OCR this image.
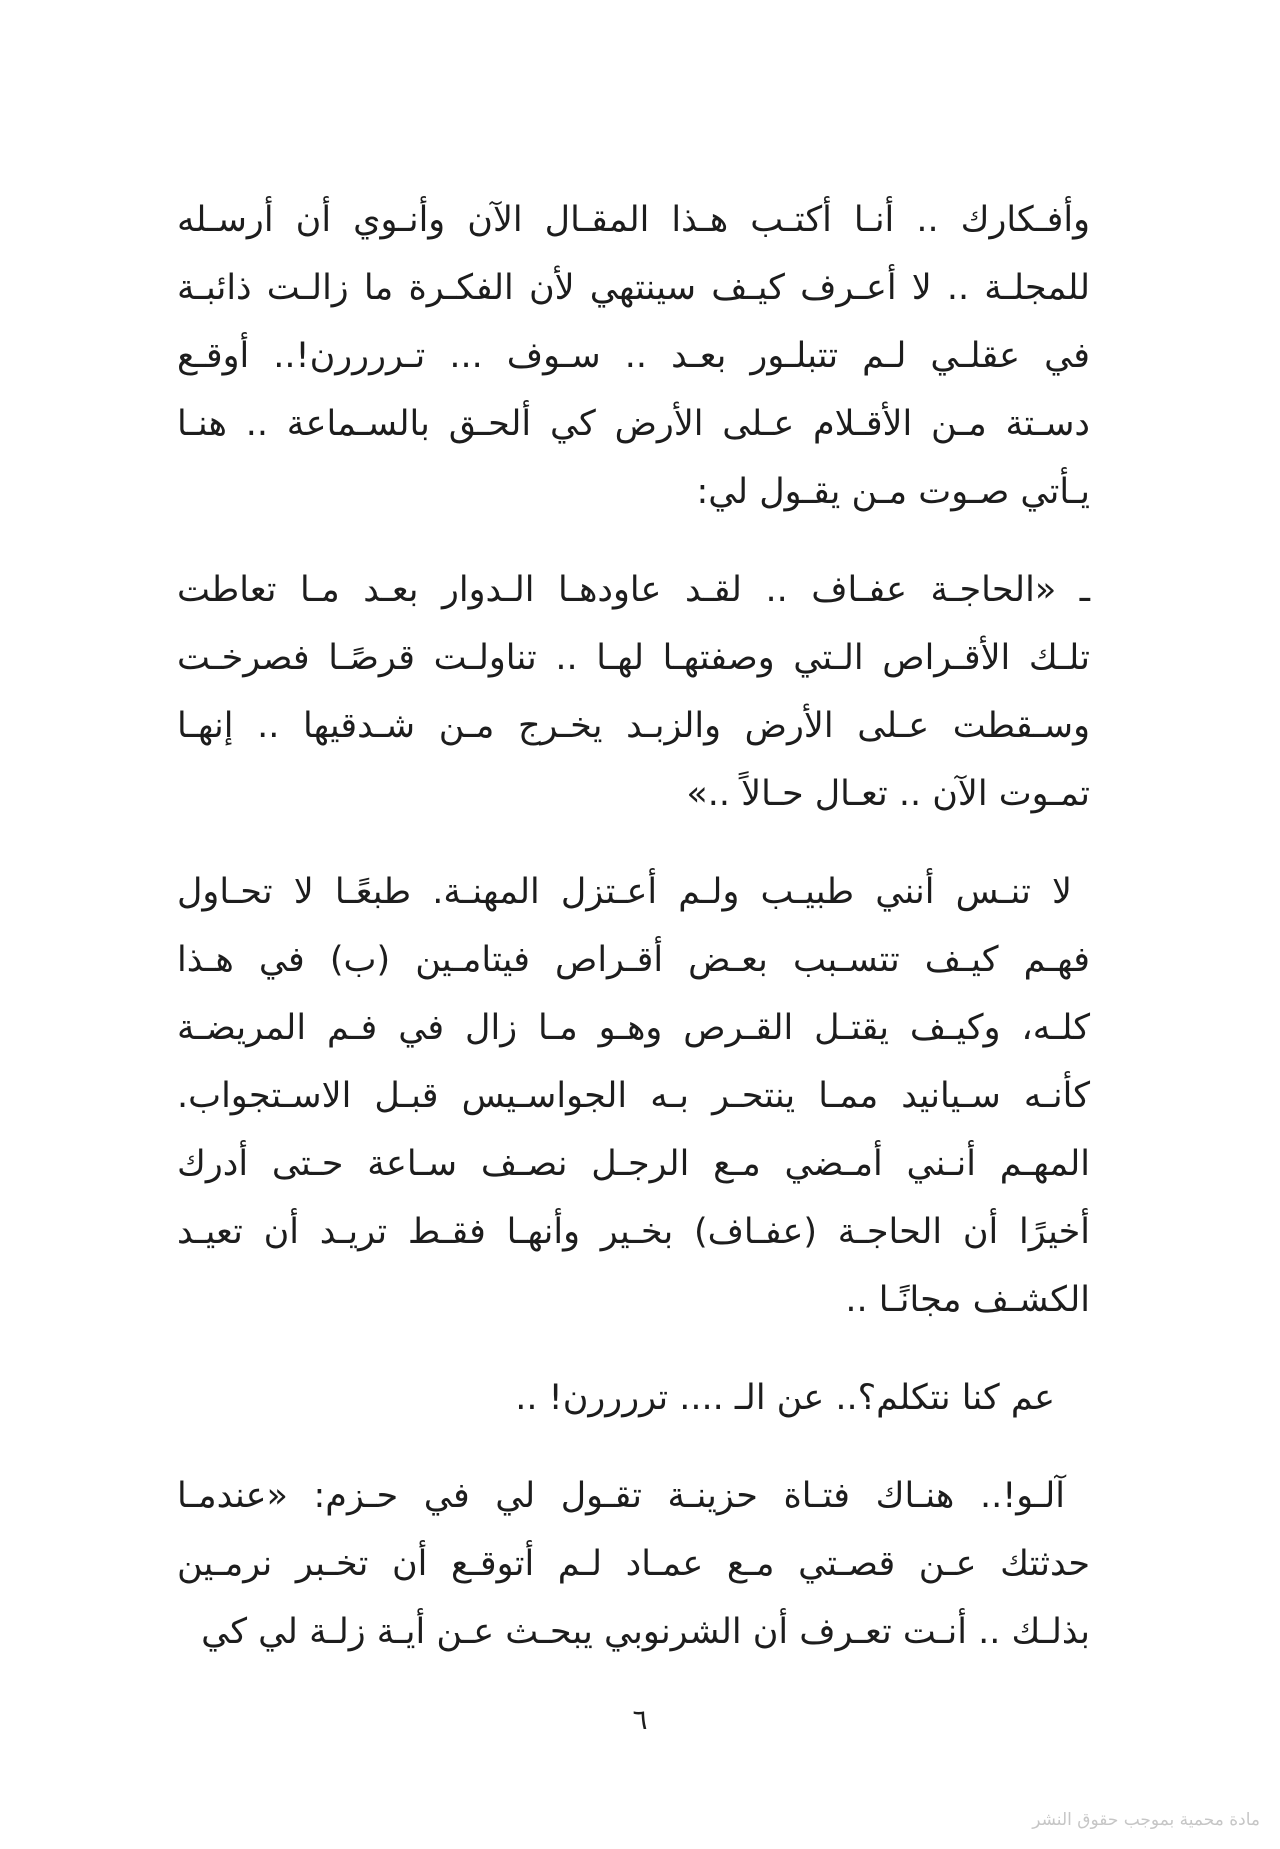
وأفـكارك .. أنـا أكتـب هـذا المقـال الآن وأنـوي أن أرسـله
للمجلـة .. لا أعـرف كيـف سينتهي لأن الفكـرة ما زالـت ذائبـة
في عقلـي لـم تتبلـور بعـد .. سـوف ... تـررررن!.. أوقـع
دسـتة مـن الأقـلام عـلى الأرض كي ألحـق بالسـماعة .. هنـا
يـأتي صـوت مـن يقـول لي:
ـ «الحاجـة عفـاف .. لقـد عاودهـا الـدوار بعـد مـا تعاطت
تلـك الأقـراص الـتي وصفتهـا لهـا .. تناولـت قرصًـا فصرخـت
وسـقطت عـلى الأرض والزبـد يخـرج مـن شـدقيها .. إنهـا
تمـوت الآن .. تعـال حـالاً ..»
لا تنـس أنني طبيـب ولـم أعـتزل المهنـة. طبعًـا لا تحـاول
فهـم كيـف تتسـبب بعـض أقـراص فيتامـين (ب) في هـذا
كلـه، وكيـف يقتـل القـرص وهـو مـا زال في فـم المريضـة
كأنـه سـيانيد ممـا ينتحـر بـه الجواسـيس قبـل الاسـتجواب.
المهـم أنـني أمـضي مـع الرجـل نصـف سـاعة حـتى أدرك
أخيرًا أن الحاجـة (عفـاف) بخـير وأنهـا فقـط تريـد أن تعيـد
الكشـف مجانًـا ..
عم كنا نتكلم؟.. عن الـ .... تررررن! ..
آلـو!.. هنـاك فتـاة حزينـة تقـول لي في حـزم: «عندمـا
حدثتك عـن قصـتي مـع عمـاد لـم أتوقـع أن تخـبر نرمـين
بذلـك .. أنـت تعـرف أن الشرنوبي يبحـث عـن أيـة زلـة لي كي
٦
مادة محمية بموجب حقوق النشر
